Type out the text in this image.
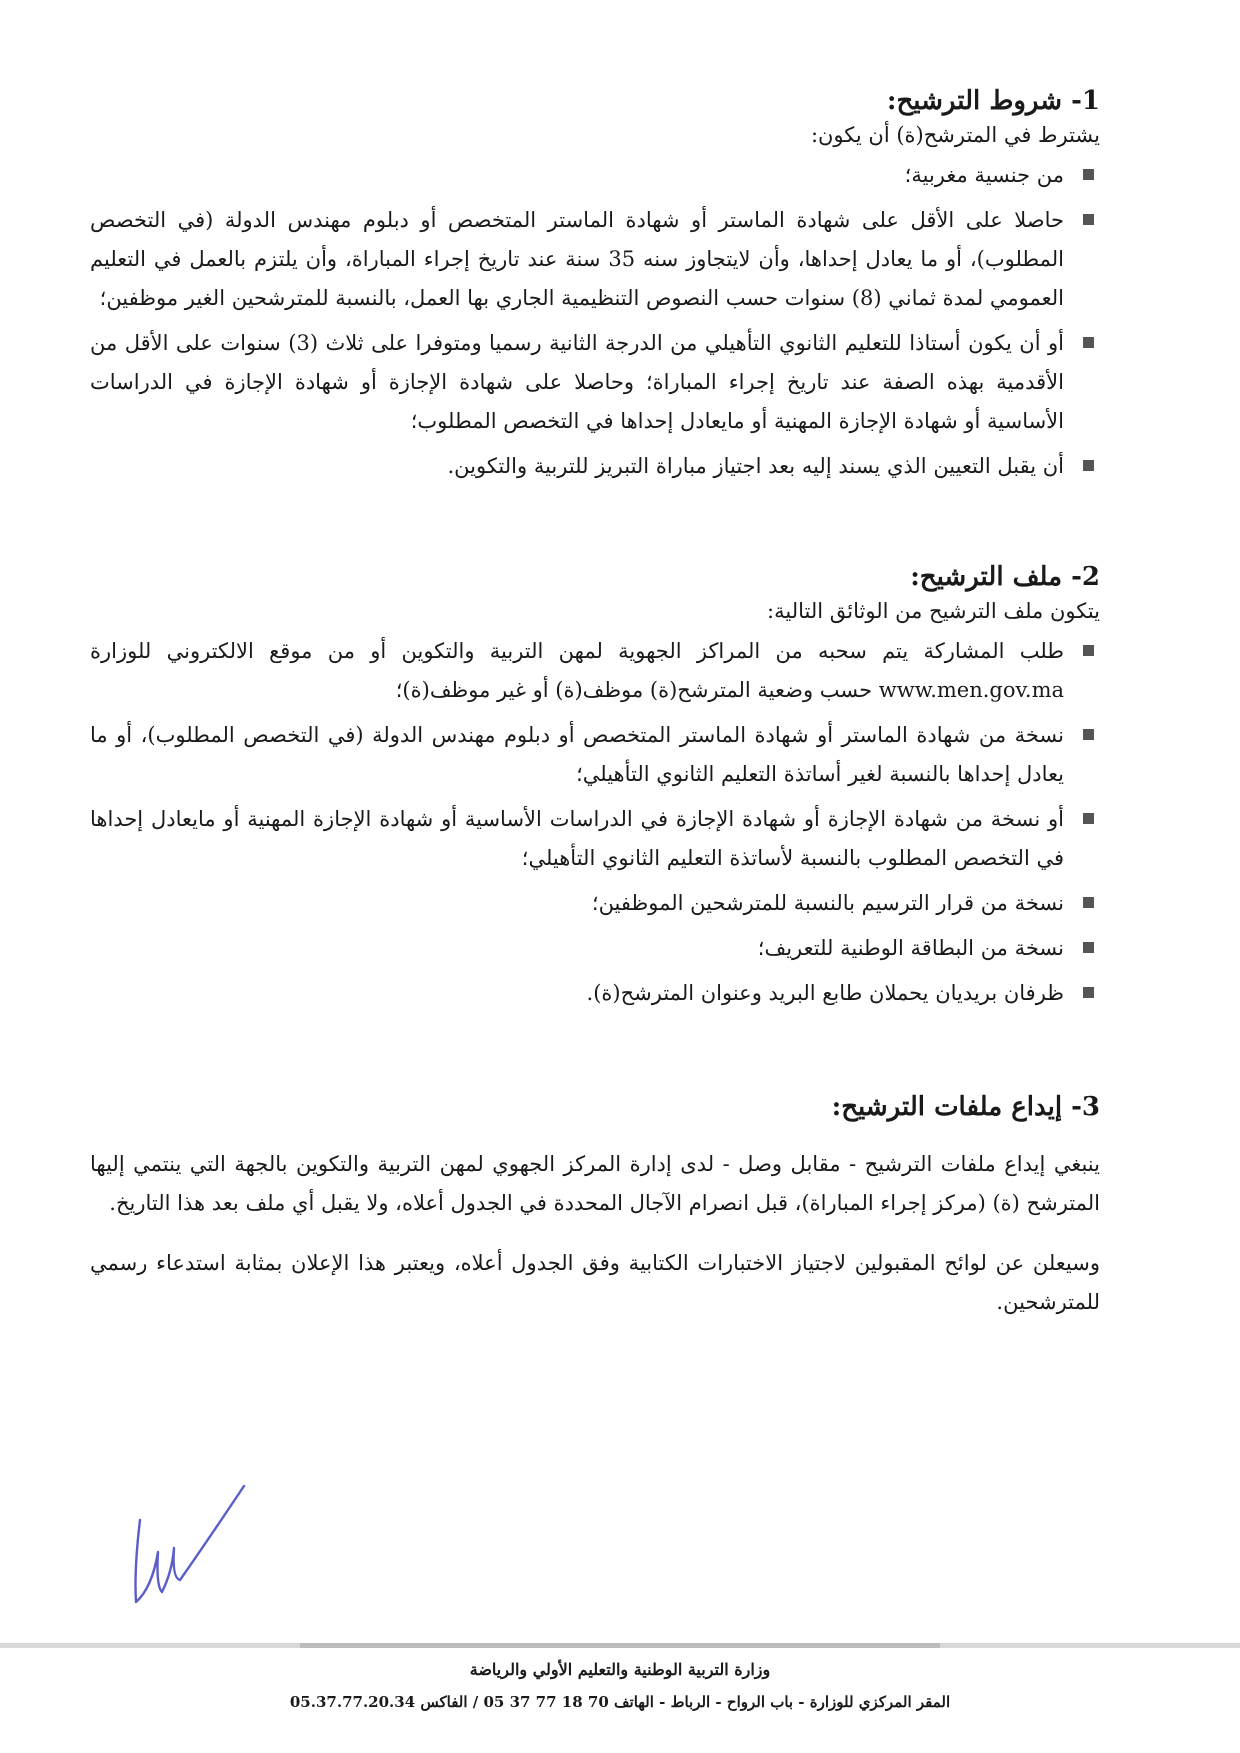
1- شروط الترشيح:

يشترط في المترشح(ة) أن يكون:

من جنسية مغربية؛
حاصلا على الأقل على شهادة الماستر أو شهادة الماستر المتخصص أو دبلوم مهندس الدولة (في التخصص المطلوب)، أو ما يعادل إحداها، وأن لايتجاوز سنه 35 سنة عند تاريخ إجراء المباراة، وأن يلتزم بالعمل في التعليم العمومي لمدة ثماني (8) سنوات حسب النصوص التنظيمية الجاري بها العمل، بالنسبة للمترشحين الغير موظفين؛
أو أن يكون أستاذا للتعليم الثانوي التأهيلي من الدرجة الثانية رسميا ومتوفرا على ثلاث (3) سنوات على الأقل من الأقدمية بهذه الصفة عند تاريخ إجراء المباراة؛ وحاصلا على شهادة الإجازة أو شهادة الإجازة في الدراسات الأساسية أو شهادة الإجازة المهنية أو مايعادل إحداها في التخصص المطلوب؛
أن يقبل التعيين الذي يسند إليه بعد اجتياز مباراة التبريز للتربية والتكوين.
2- ملف الترشيح:

يتكون ملف الترشيح من الوثائق التالية:

طلب المشاركة يتم سحبه من المراكز الجهوية لمهن التربية والتكوين أو من موقع الالكتروني للوزارة www.men.gov.ma حسب وضعية المترشح(ة) موظف(ة) أو غير موظف(ة)؛
نسخة من شهادة الماستر أو شهادة الماستر المتخصص أو دبلوم مهندس الدولة (في التخصص المطلوب)، أو ما يعادل إحداها بالنسبة لغير أساتذة التعليم الثانوي التأهيلي؛
أو نسخة من شهادة الإجازة أو شهادة الإجازة في الدراسات الأساسية أو شهادة الإجازة المهنية أو مايعادل إحداها في التخصص المطلوب بالنسبة لأساتذة التعليم الثانوي التأهيلي؛
نسخة من قرار الترسيم بالنسبة للمترشحين الموظفين؛
نسخة من البطاقة الوطنية للتعريف؛
ظرفان بريديان يحملان طابع البريد وعنوان المترشح(ة).
3- إيداع ملفات الترشيح:

ينبغي إيداع ملفات الترشيح - مقابل وصل - لدى إدارة المركز الجهوي لمهن التربية والتكوين بالجهة التي ينتمي إليها المترشح (ة) (مركز إجراء المباراة)، قبل انصرام الآجال المحددة في الجدول أعلاه، ولا يقبل أي ملف بعد هذا التاريخ.

وسيعلن عن لوائح المقبولين لاجتياز الاختبارات الكتابية وفق الجدول أعلاه، ويعتبر هذا الإعلان بمثابة استدعاء رسمي للمترشحين.

وزارة التربية الوطنية والتعليم الأولي والرياضة
المقر المركزي للوزارة - باب الرواح - الرباط - الهاتف 70 18 77 37 05 / الفاكس 05.37.77.20.34
